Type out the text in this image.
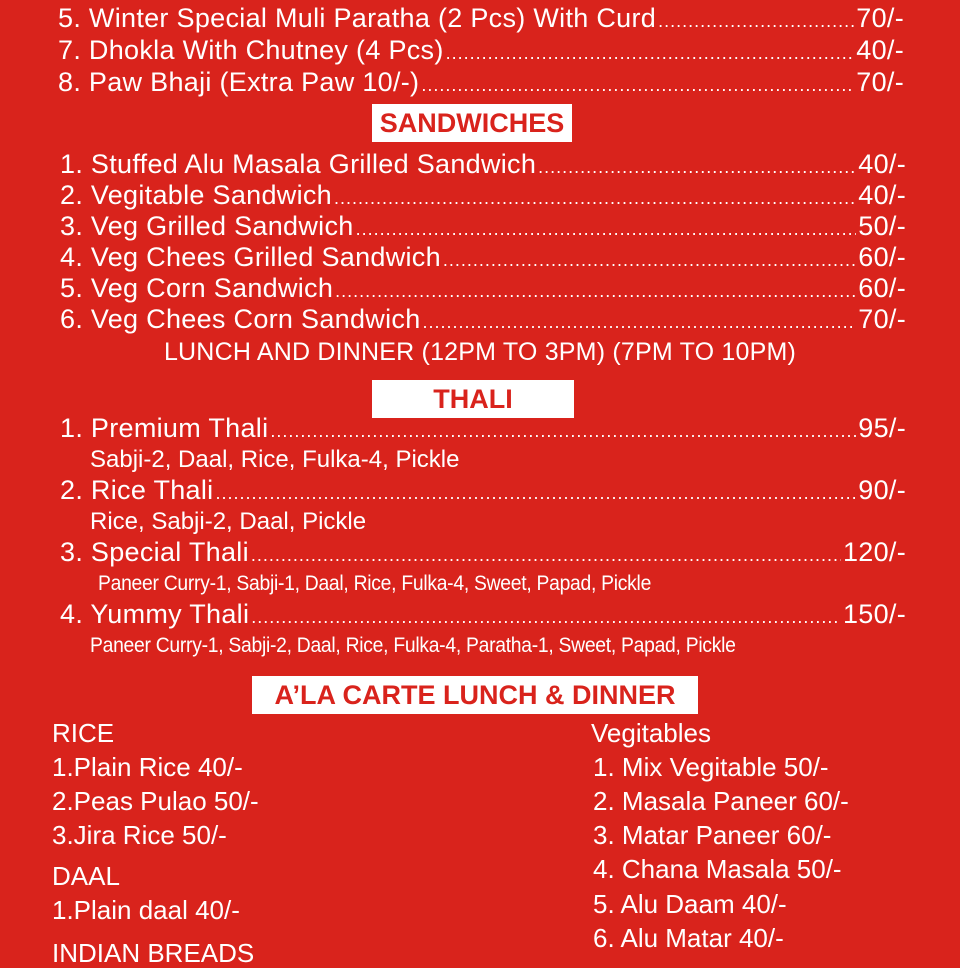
5. Winter Special Muli Paratha (2 Pcs) With Curd .....	70/-
7. Dhokla With Chutney (4 Pcs) .....	40/-
8. Paw Bhaji (Extra Paw 10/-) .....	70/-
SANDWICHES
1. Stuffed Alu Masala Grilled Sandwich .....	40/-
2. Vegitable Sandwich .....	40/-
3. Veg Grilled Sandwich .....	50/-
4. Veg Chees Grilled Sandwich .....	60/-
5. Veg Corn Sandwich .....	60/-
6. Veg Chees Corn Sandwich .....	70/-
LUNCH AND DINNER (12PM TO 3PM) (7PM TO 10PM)
THALI
1. Premium Thali .....	95/-
Sabji-2, Daal, Rice, Fulka-4, Pickle
2. Rice Thali .....	90/-
Rice, Sabji-2, Daal, Pickle
3. Special Thali .....	120/-
Paneer Curry-1, Sabji-1, Daal, Rice, Fulka-4, Sweet, Papad, Pickle
4. Yummy Thali .....	150/-
Paneer Curry-1, Sabji-2, Daal, Rice, Fulka-4, Paratha-1, Sweet, Papad, Pickle
A’LA CARTE LUNCH & DINNER
RICE
1.Plain Rice 40/-
2.Peas Pulao 50/-
3.Jira Rice 50/-
DAAL
1.Plain daal 40/-
INDIAN BREADS
Vegitables
1. Mix Vegitable 50/-
2. Masala Paneer 60/-
3. Matar Paneer 60/-
4. Chana Masala 50/-
5. Alu Daam 40/-
6. Alu Matar 40/-
